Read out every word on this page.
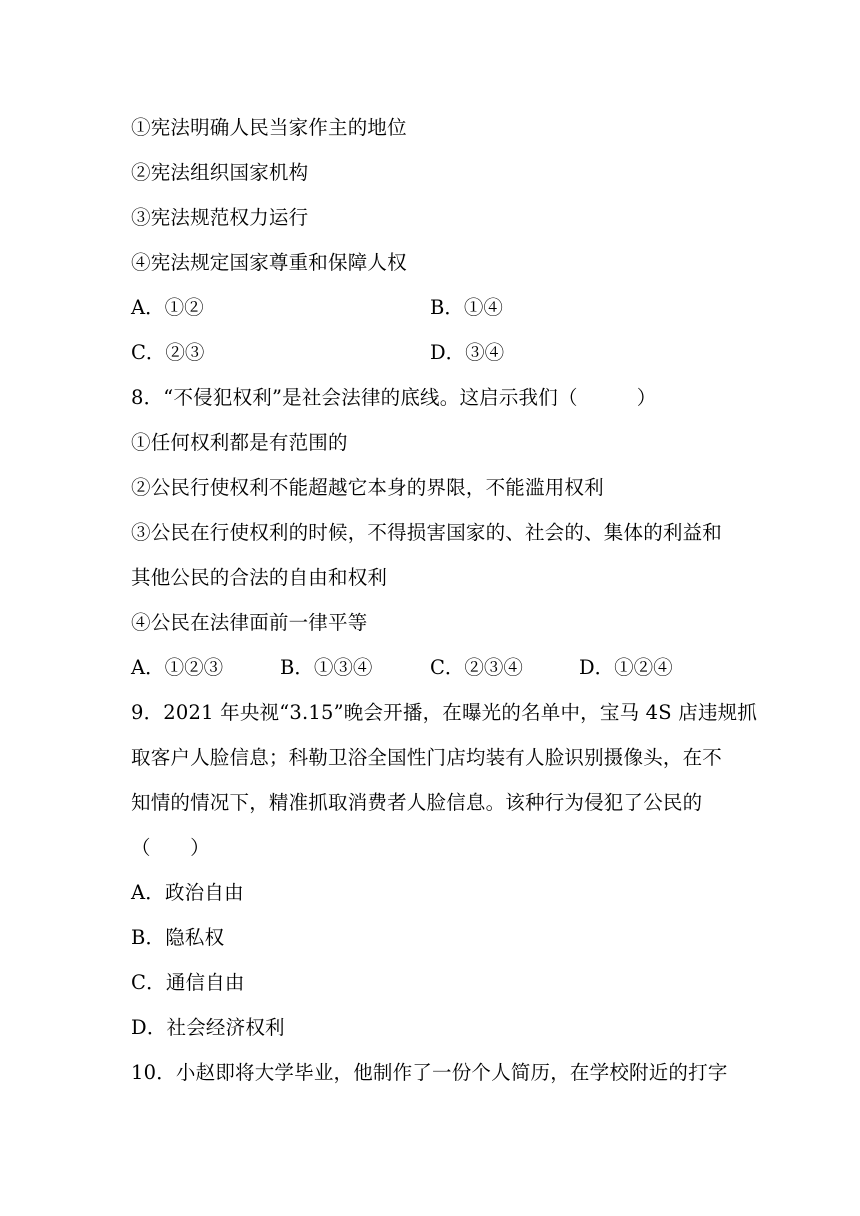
①宪法明确人民当家作主的地位
②宪法组织国家机构
③宪法规范权力运行
④宪法规定国家尊重和保障人权
A．①②	B．①④
C．②③	D．③④
8．“不侵犯权利”是社会法律的底线。这启示我们（　　　）
①任何权利都是有范围的
②公民行使权利不能超越它本身的界限，不能滥用权利
③公民在行使权利的时候，不得损害国家的、社会的、集体的利益和
其他公民的合法的自由和权利
④公民在法律面前一律平等
A．①②③	B．①③④	C．②③④	D．①②④
9．2021 年央视“3.15”晚会开播，在曝光的名单中，宝马 4S 店违规抓
取客户人脸信息；科勒卫浴全国性门店均装有人脸识别摄像头，在不
知情的情况下，精准抓取消费者人脸信息。该种行为侵犯了公民的
（　　）
A．政治自由
B．隐私权
C．通信自由
D．社会经济权利
10．小赵即将大学毕业，他制作了一份个人简历，在学校附近的打字
